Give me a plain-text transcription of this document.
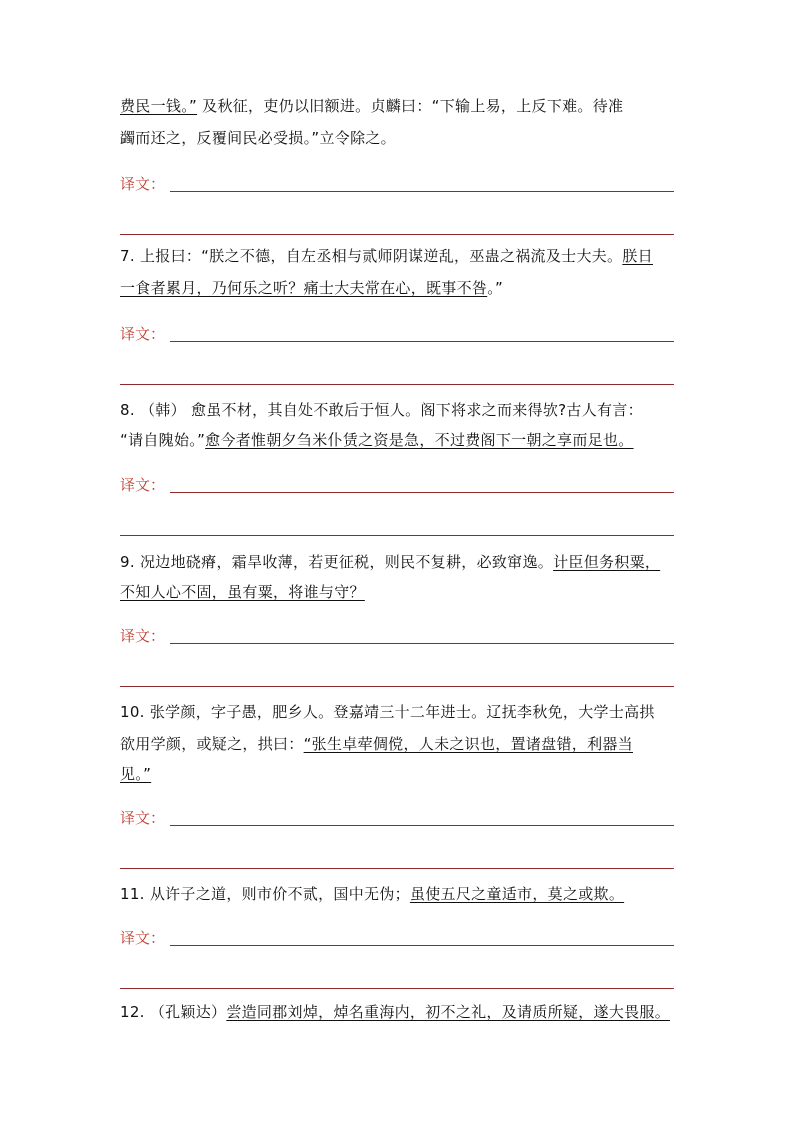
费民一钱。” 及秋征，吏仍以旧额进。贞麟曰：“下输上易，上反下难。待准
蠲而还之，反覆间民必受损。”立令除之。
译文：
7. 上报曰：“朕之不德，自左丞相与贰师阴谋逆乱，巫蛊之祸流及士大夫。朕日
一食者累月，乃何乐之听？痛士大夫常在心，既事不咎。”
译文：
8. （韩） 愈虽不材，其自处不敢后于恒人。阁下将求之而来得欤?古人有言：
“请自隗始。”愈今者惟朝夕刍米仆赁之资是急，不过费阁下一朝之享而足也。
译文：
9. 况边地硗瘠，霜旱收薄，若更征税，则民不复耕，必致窜逸。计臣但务积粟，
不知人心不固，虽有粟，将谁与守？
译文：
10. 张学颜，字子愚，肥乡人。登嘉靖三十二年进士。辽抚李秋免，大学士高拱
欲用学颜，或疑之，拱曰：“张生卓荦倜傥，人未之识也，置诸盘错，利器当
见。”
译文：
11. 从许子之道，则市价不贰，国中无伪；虽使五尺之童适市，莫之或欺。
译文：
12. （孔颖达）尝造同郡刘焯，焯名重海内，初不之礼，及请质所疑，遂大畏服。
